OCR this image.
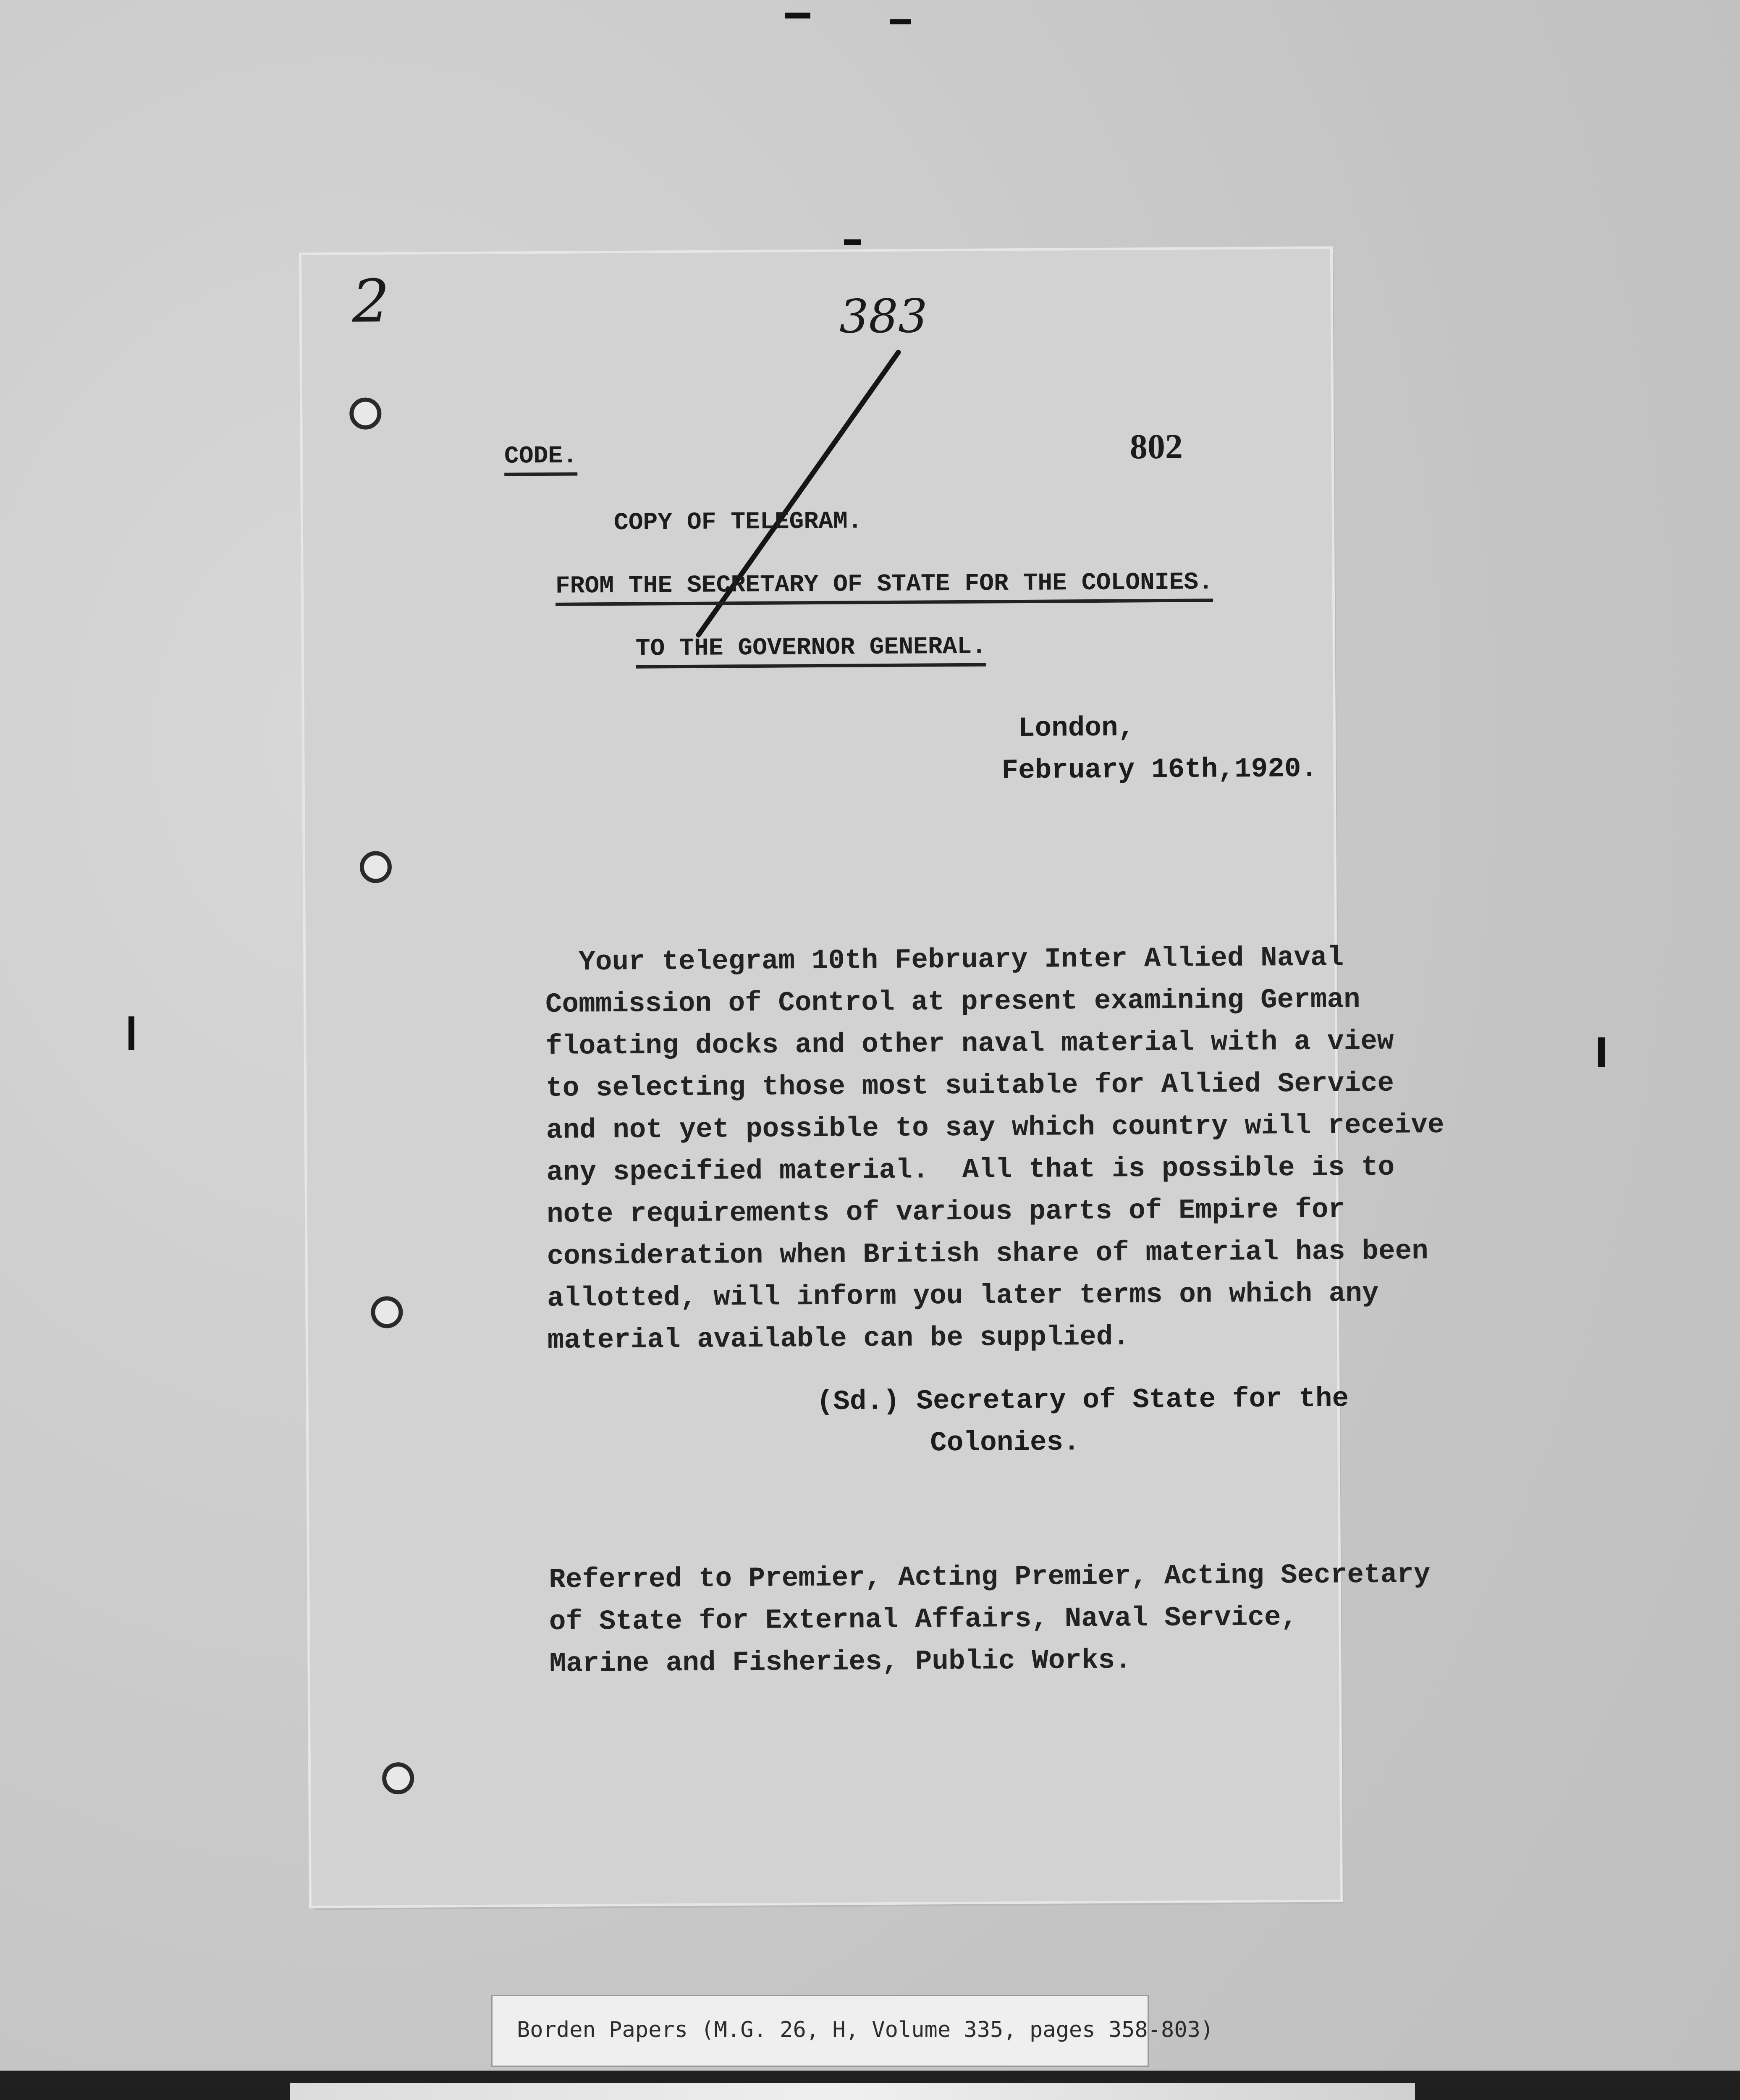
2	383
CODE.	802
COPY OF TELEGRAM.
FROM THE SECRETARY OF STATE FOR THE COLONIES.
TO THE GOVERNOR GENERAL.
London,
February 16th,1920.
Your telegram 10th February Inter Allied Naval
Commission of Control at present examining German
floating docks and other naval material with a view
to selecting those most suitable for Allied Service
and not yet possible to say which country will receive
any specified material.  All that is possible is to
note requirements of various parts of Empire for
consideration when British share of material has been
allotted, will inform you later terms on which any
material available can be supplied.
(Sd.) Secretary of State for the
Colonies.
Referred to Premier, Acting Premier, Acting Secretary
of State for External Affairs, Naval Service,
Marine and Fisheries, Public Works.
Borden Papers (M.G. 26, H, Volume 335, pages 358-803)
